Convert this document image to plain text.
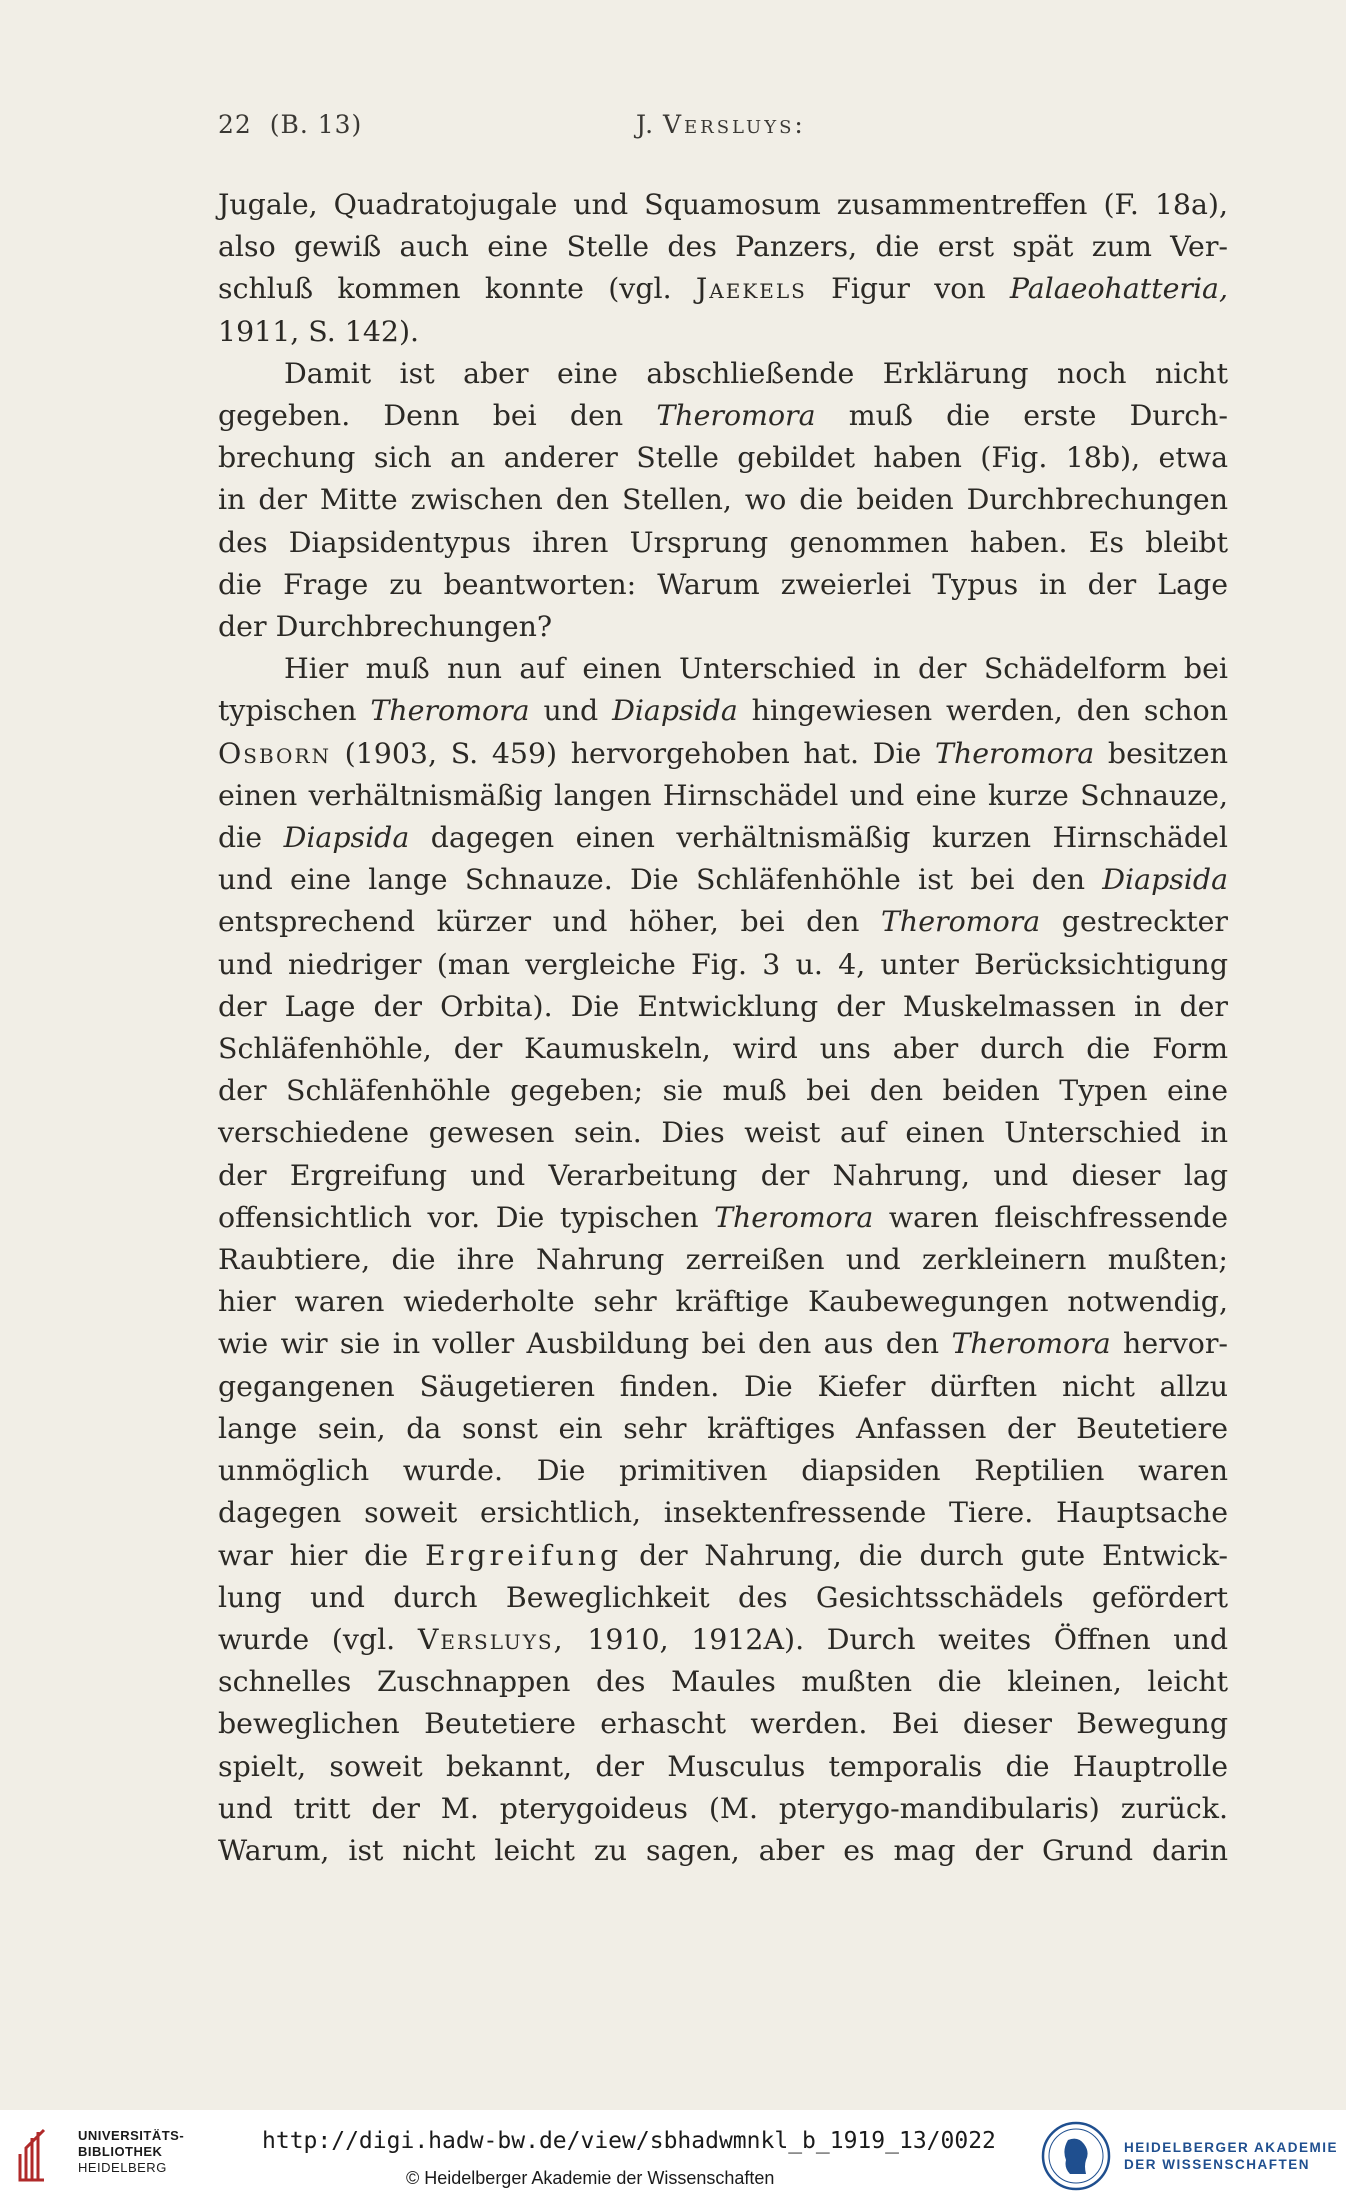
22 (B. 13)	J. Versluys:

Jugale, Quadratojugale und Squamosum zusammentreffen (F. 18a),
also gewiß auch eine Stelle des Panzers, die erst spät zum Ver-
schluß kommen konnte (vgl. Jaekels Figur von Palaeohatteria,
1911, S. 142).

Damit ist aber eine abschließende Erklärung noch nicht
gegeben. Denn bei den Theromora muß die erste Durch-
brechung sich an anderer Stelle gebildet haben (Fig. 18b), etwa
in der Mitte zwischen den Stellen, wo die beiden Durchbrechungen
des Diapsidentypus ihren Ursprung genommen haben. Es bleibt
die Frage zu beantworten: Warum zweierlei Typus in der Lage
der Durchbrechungen?

Hier muß nun auf einen Unterschied in der Schädelform bei
typischen Theromora und Diapsida hingewiesen werden, den schon
Osborn (1903, S. 459) hervorgehoben hat. Die Theromora besitzen
einen verhältnismäßig langen Hirnschädel und eine kurze Schnauze,
die Diapsida dagegen einen verhältnismäßig kurzen Hirnschädel
und eine lange Schnauze. Die Schläfenhöhle ist bei den Diapsida
entsprechend kürzer und höher, bei den Theromora gestreckter
und niedriger (man vergleiche Fig. 3 u. 4, unter Berücksichtigung
der Lage der Orbita). Die Entwicklung der Muskelmassen in der
Schläfenhöhle, der Kaumuskeln, wird uns aber durch die Form
der Schläfenhöhle gegeben; sie muß bei den beiden Typen eine
verschiedene gewesen sein. Dies weist auf einen Unterschied in
der Ergreifung und Verarbeitung der Nahrung, und dieser lag
offensichtlich vor. Die typischen Theromora waren fleischfressende
Raubtiere, die ihre Nahrung zerreißen und zerkleinern mußten;
hier waren wiederholte sehr kräftige Kaubewegungen notwendig,
wie wir sie in voller Ausbildung bei den aus den Theromora hervor-
gegangenen Säugetieren finden. Die Kiefer dürften nicht allzu
lange sein, da sonst ein sehr kräftiges Anfassen der Beutetiere
unmöglich wurde. Die primitiven diapsiden Reptilien waren
dagegen soweit ersichtlich, insektenfressende Tiere. Hauptsache
war hier die Ergreifung der Nahrung, die durch gute Entwick-
lung und durch Beweglichkeit des Gesichtsschädels gefördert
wurde (vgl. Versluys, 1910, 1912A). Durch weites Öffnen und
schnelles Zuschnappen des Maules mußten die kleinen, leicht
beweglichen Beutetiere erhascht werden. Bei dieser Bewegung
spielt, soweit bekannt, der Musculus temporalis die Hauptrolle
und tritt der M. pterygoideus (M. pterygo-mandibularis) zurück.
Warum, ist nicht leicht zu sagen, aber es mag der Grund darin

UNIVERSITÄTS-
BIBLIOTHEK
HEIDELBERG
http://digi.hadw-bw.de/view/sbhadwmnkl_b_1919_13/0022
© Heidelberger Akademie der Wissenschaften
HEIDELBERGER AKADEMIE
DER WISSENSCHAFTEN
